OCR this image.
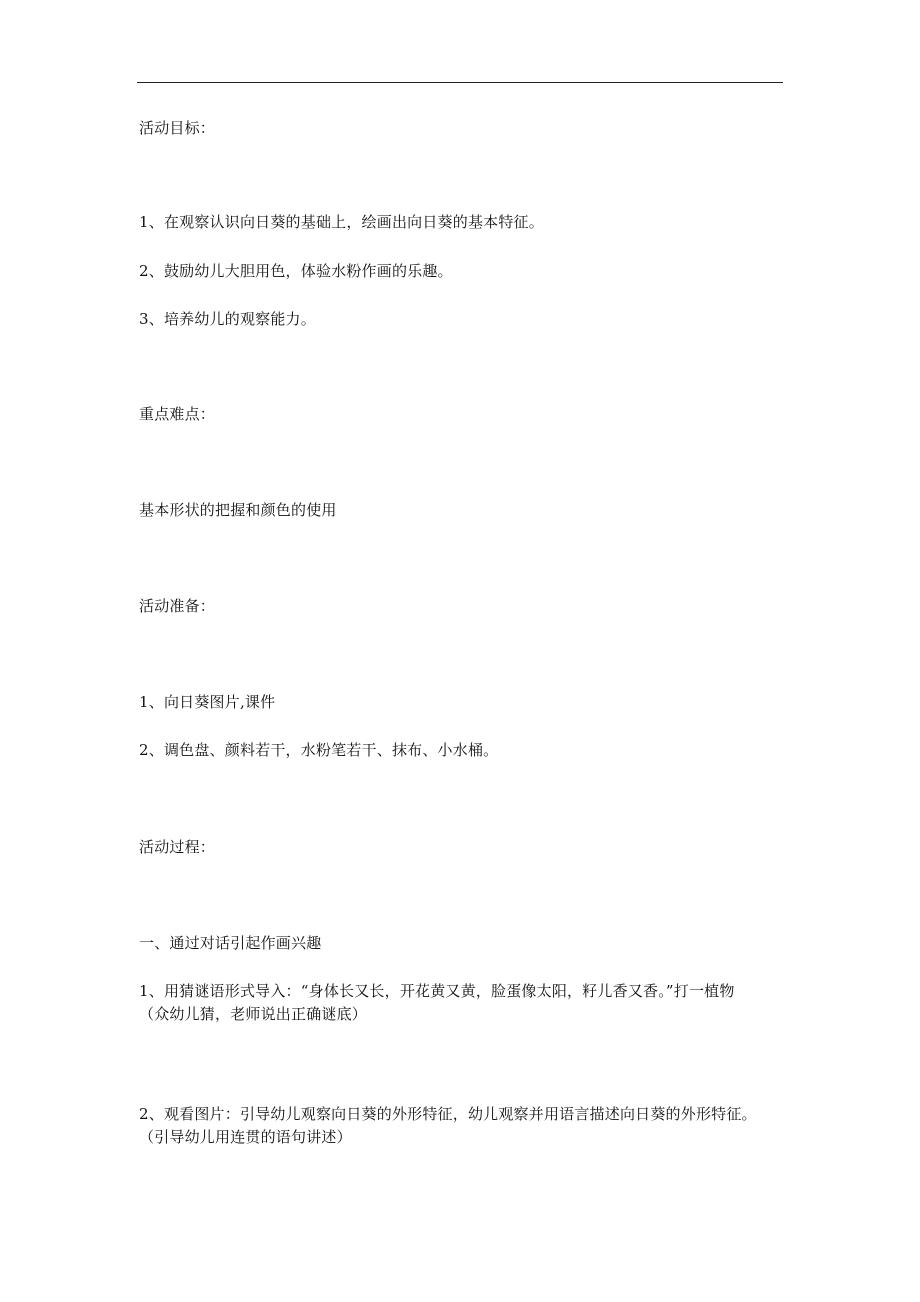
活动目标：
1、在观察认识向日葵的基础上，绘画出向日葵的基本特征。
2、鼓励幼儿大胆用色，体验水粉作画的乐趣。
3、培养幼儿的观察能力。
重点难点：
基本形状的把握和颜色的使用
活动准备：
1、向日葵图片,课件
2、调色盘、颜料若干，水粉笔若干、抹布、小水桶。
活动过程：
一、通过对话引起作画兴趣
1、用猜谜语形式导入：“身体长又长，开花黄又黄，脸蛋像太阳，籽儿香又香。”打一植物
（众幼儿猜，老师说出正确谜底）
2、观看图片：引导幼儿观察向日葵的外形特征，幼儿观察并用语言描述向日葵的外形特征。
（引导幼儿用连贯的语句讲述）
